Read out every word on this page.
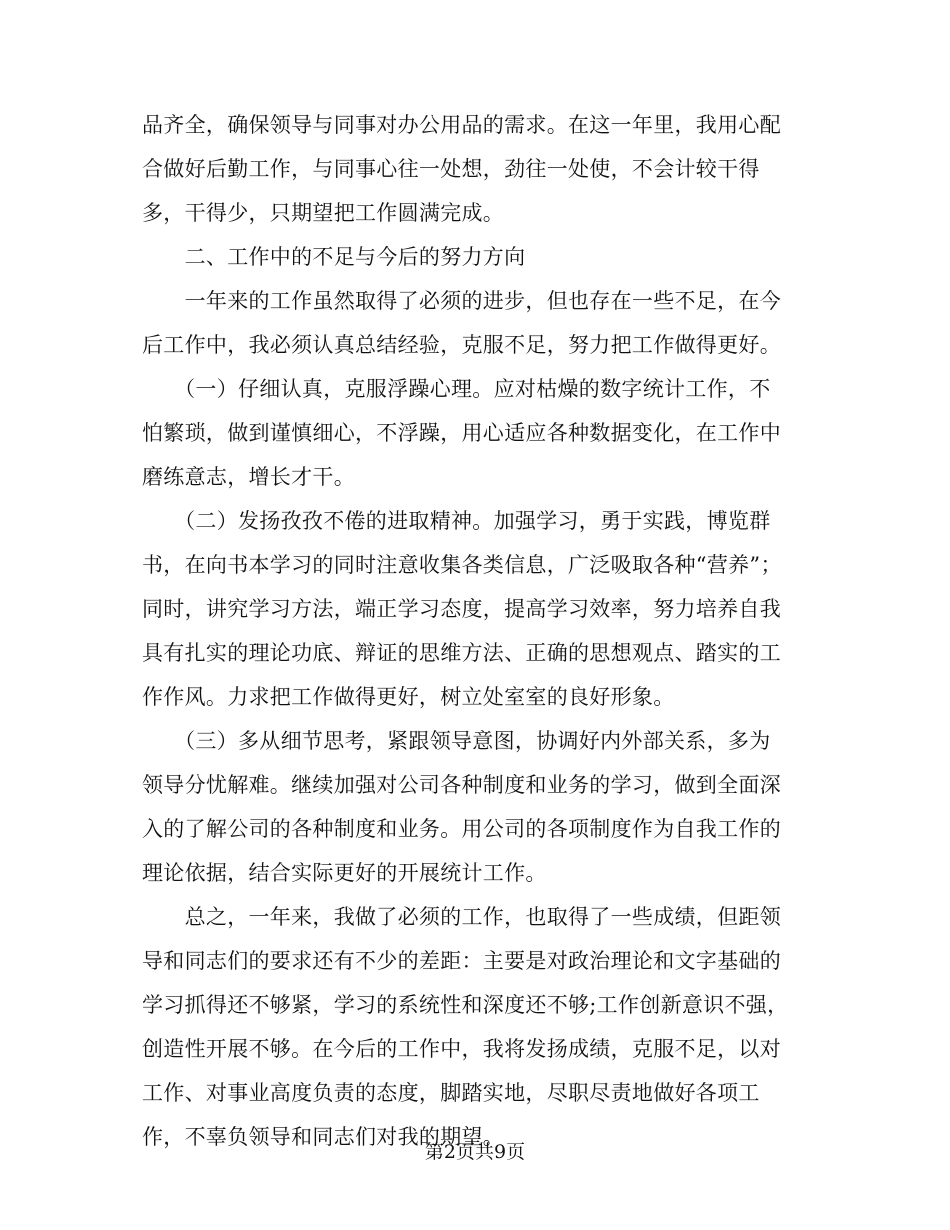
品齐全，确保领导与同事对办公用品的需求。在这一年里，我用心配
合做好后勤工作，与同事心往一处想，劲往一处使，不会计较干得
多，干得少，只期望把工作圆满完成。
　　二、工作中的不足与今后的努力方向
　　一年来的工作虽然取得了必须的进步，但也存在一些不足，在今
后工作中，我必须认真总结经验，克服不足，努力把工作做得更好。
　　（一）仔细认真，克服浮躁心理。应对枯燥的数字统计工作，不
怕繁琐，做到谨慎细心，不浮躁，用心适应各种数据变化，在工作中
磨练意志，增长才干。
　　（二）发扬孜孜不倦的进取精神。加强学习，勇于实践，博览群
书，在向书本学习的同时注意收集各类信息，广泛吸取各种“营养”；
同时，讲究学习方法，端正学习态度，提高学习效率，努力培养自我
具有扎实的理论功底、辩证的思维方法、正确的思想观点、踏实的工
作作风。力求把工作做得更好，树立处室室的良好形象。
　　（三）多从细节思考，紧跟领导意图，协调好内外部关系，多为
领导分忧解难。继续加强对公司各种制度和业务的学习，做到全面深
入的了解公司的各种制度和业务。用公司的各项制度作为自我工作的
理论依据，结合实际更好的开展统计工作。
　　总之，一年来，我做了必须的工作，也取得了一些成绩，但距领
导和同志们的要求还有不少的差距：主要是对政治理论和文字基础的
学习抓得还不够紧，学习的系统性和深度还不够;工作创新意识不强，
创造性开展不够。在今后的工作中，我将发扬成绩，克服不足，以对
工作、对事业高度负责的态度，脚踏实地，尽职尽责地做好各项工
作，不辜负领导和同志们对我的期望。
第2页共9页
